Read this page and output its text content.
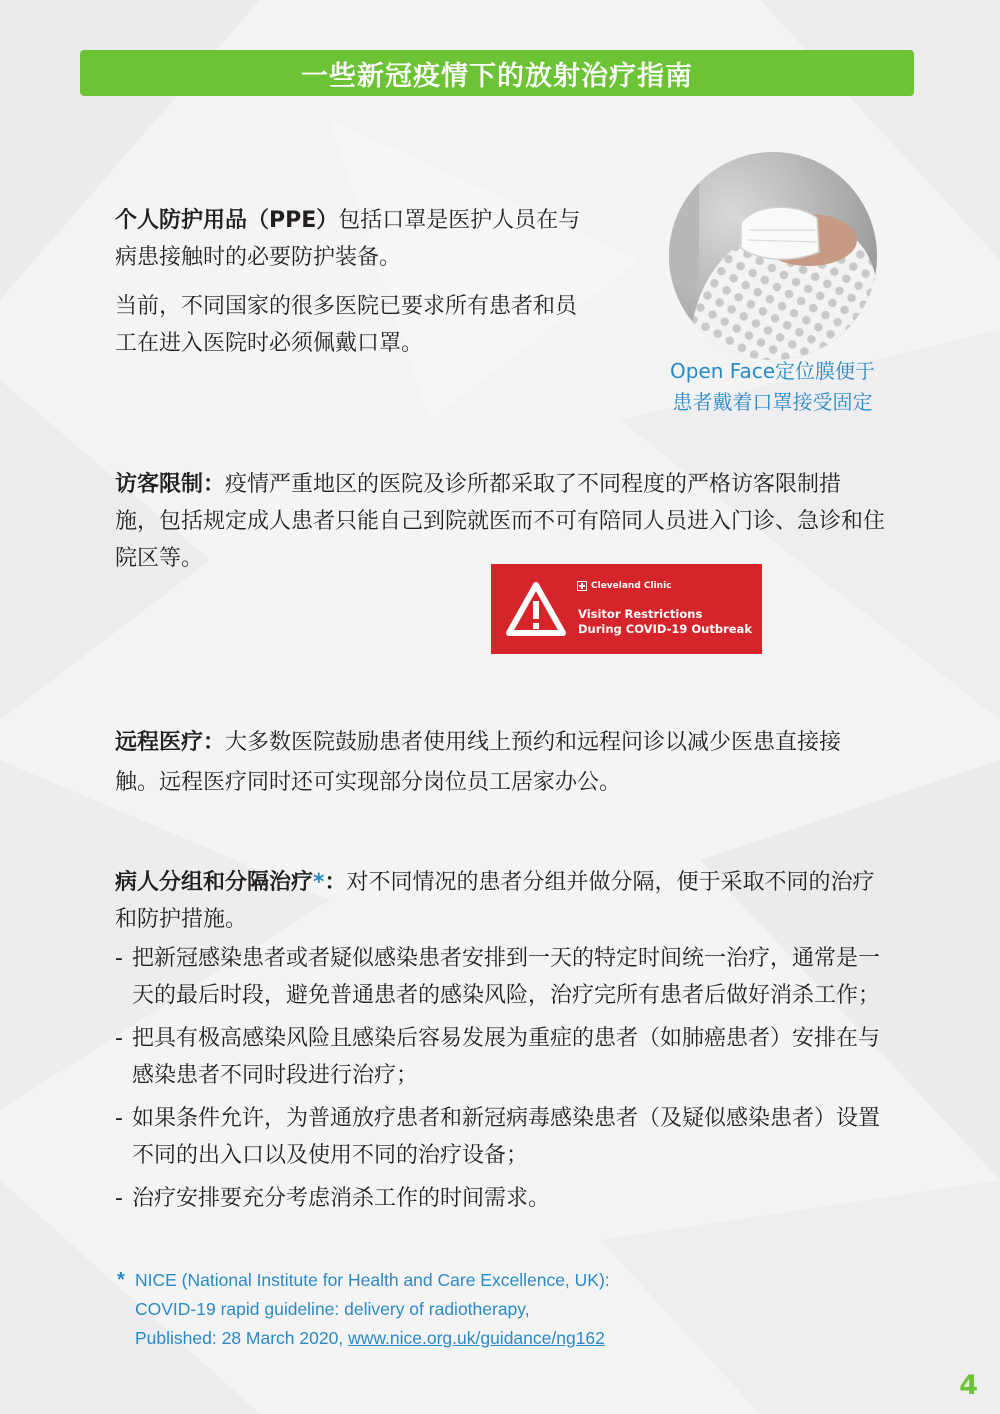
一些新冠疫情下的放射治疗指南

个人防护用品（PPE）包括口罩是医护人员在与病患接触时的必要防护装备。

当前，不同国家的很多医院已要求所有患者和员工在进入医院时必须佩戴口罩。

Open Face定位膜便于
患者戴着口罩接受固定

访客限制：疫情严重地区的医院及诊所都采取了不同程度的严格访客限制措施，包括规定成人患者只能自己到院就医而不可有陪同人员进入门诊、急诊和住院区等。

Cleveland Clinic
Visitor Restrictions
During COVID-19 Outbreak

远程医疗：大多数医院鼓励患者使用线上预约和远程问诊以减少医患直接接触。远程医疗同时还可实现部分岗位员工居家办公。

病人分组和分隔治疗*：对不同情况的患者分组并做分隔，便于采取不同的治疗和防护措施。

- 把新冠感染患者或者疑似感染患者安排到一天的特定时间统一治疗，通常是一天的最后时段，避免普通患者的感染风险，治疗完所有患者后做好消杀工作；
- 把具有极高感染风险且感染后容易发展为重症的患者（如肺癌患者）安排在与感染患者不同时段进行治疗；
- 如果条件允许，为普通放疗患者和新冠病毒感染患者（及疑似感染患者）设置不同的出入口以及使用不同的治疗设备；
- 治疗安排要充分考虑消杀工作的时间需求。
* NICE (National Institute for Health and Care Excellence, UK):
COVID-19 rapid guideline: delivery of radiotherapy,
Published: 28 March 2020, www.nice.org.uk/guidance/ng162
4
